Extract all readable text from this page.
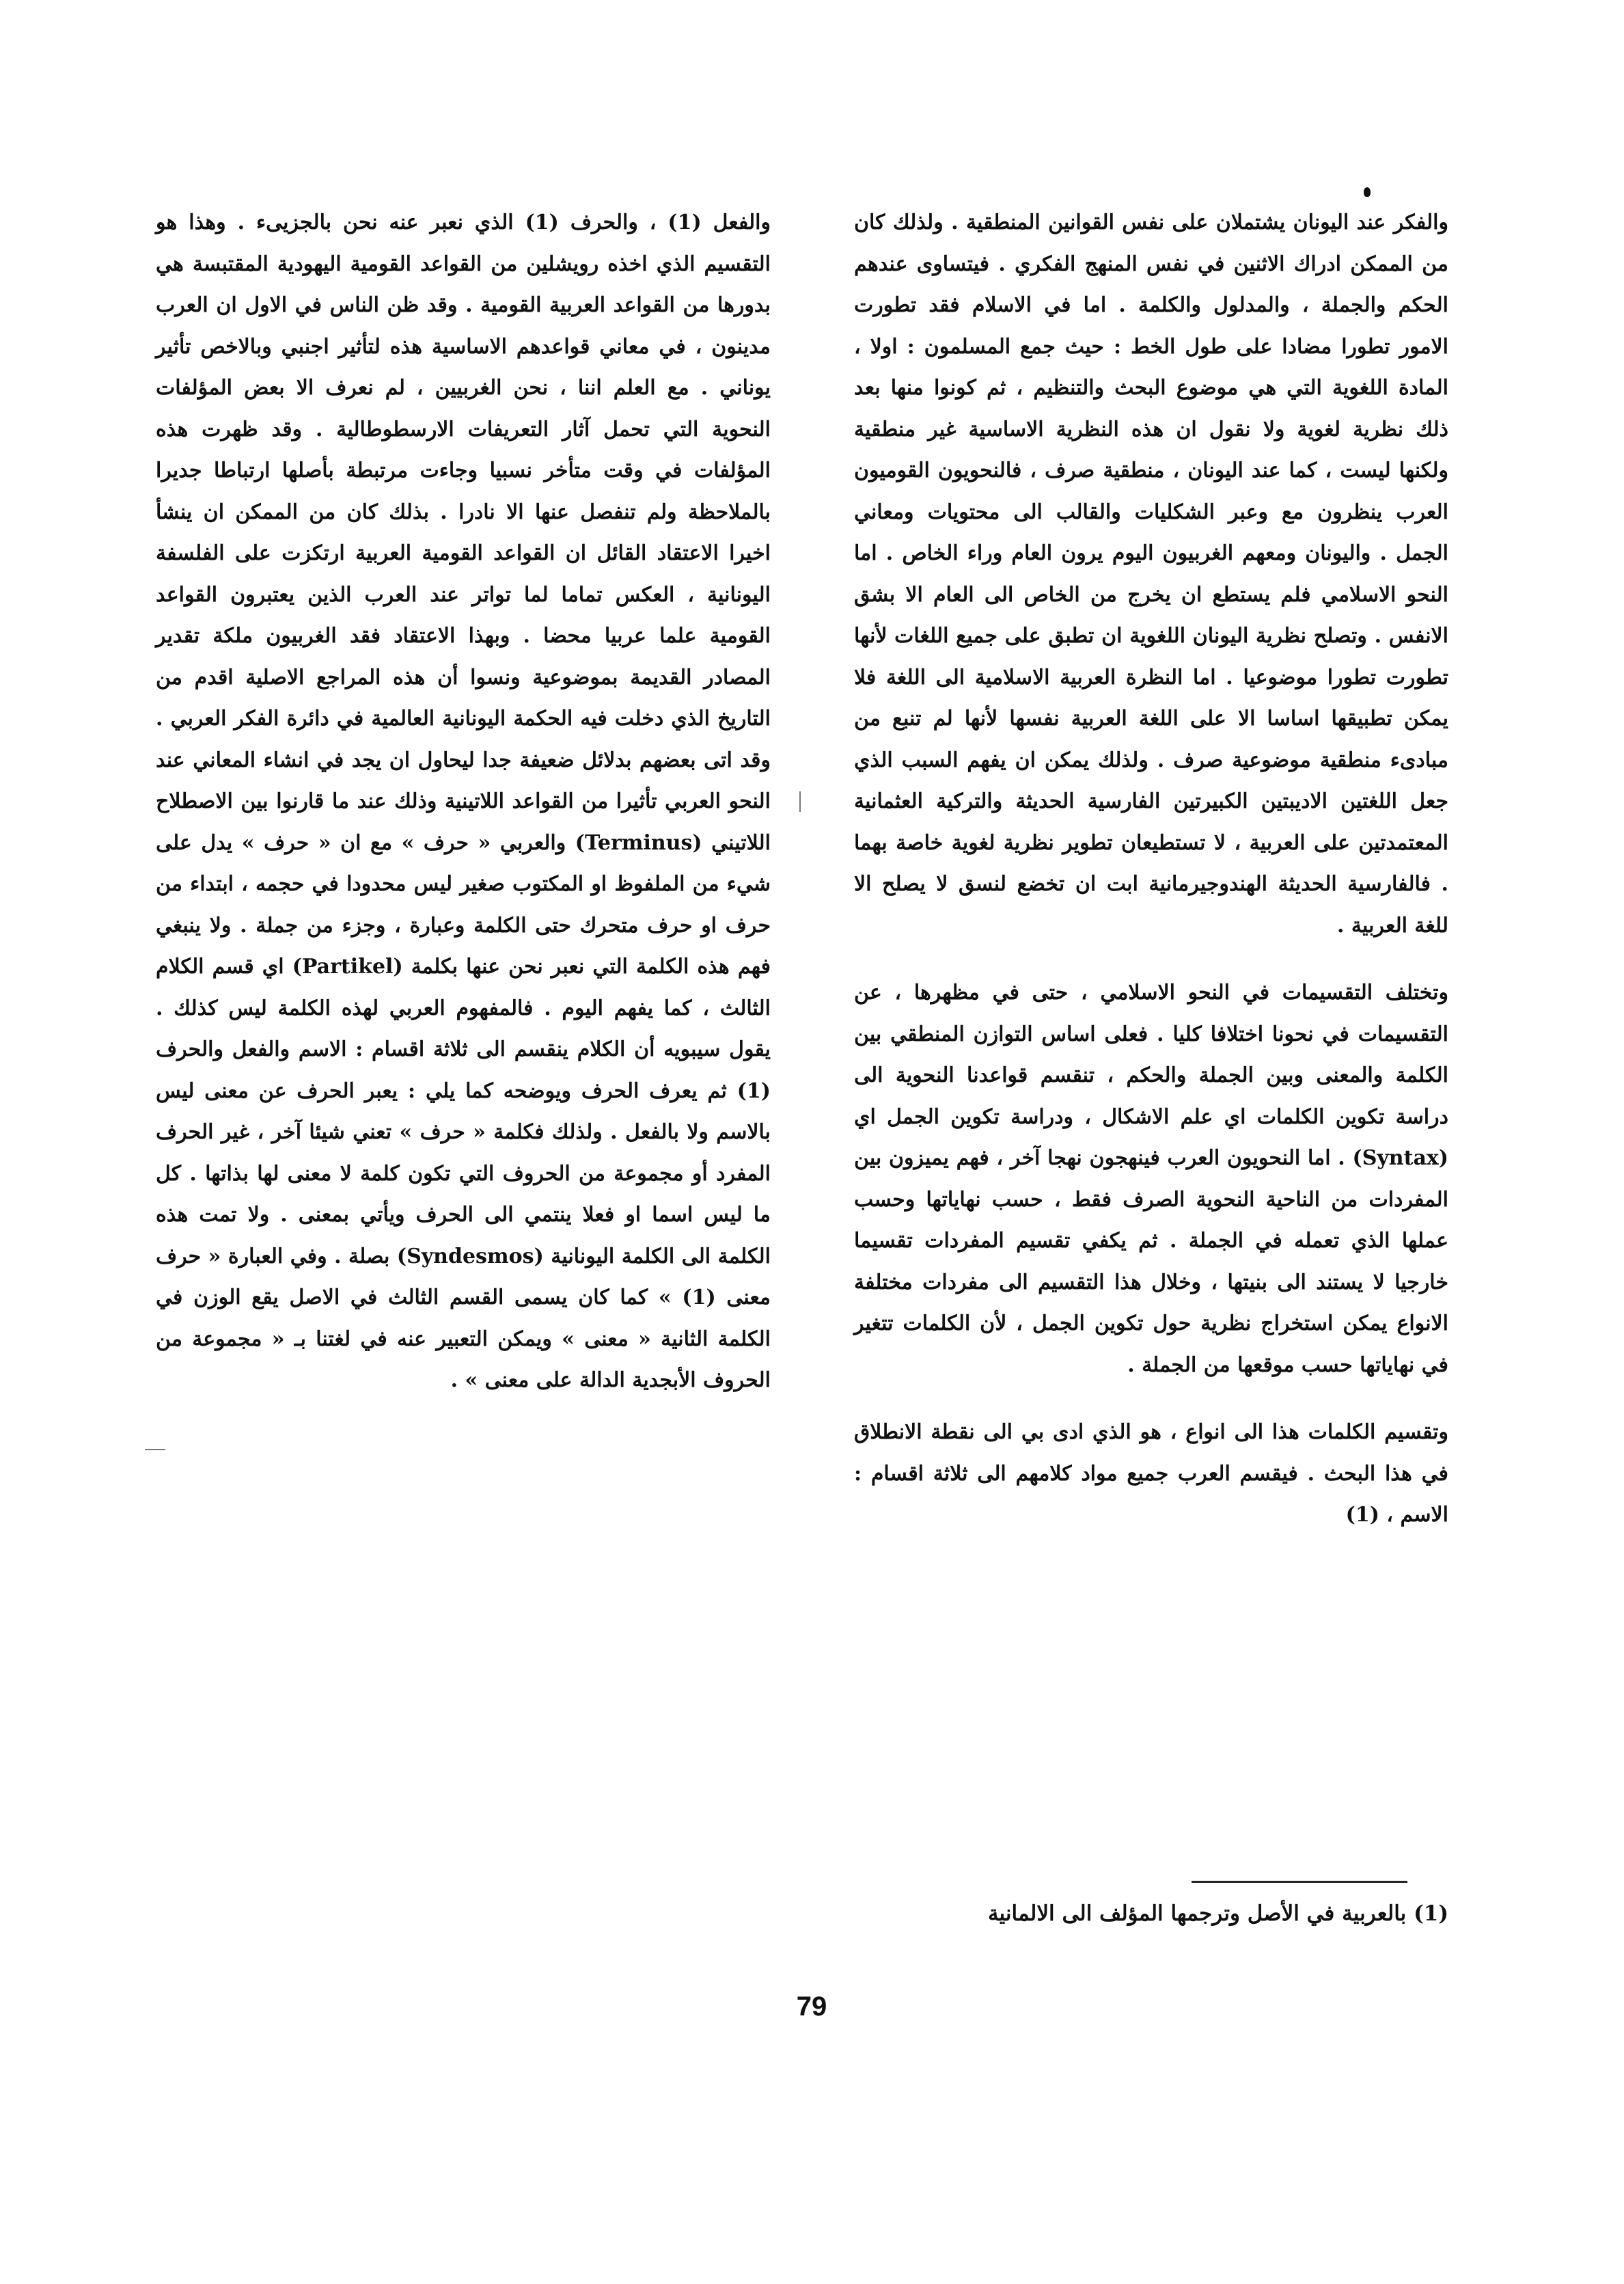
والفكر عند اليونان يشتملان على نفس القوانين المنطقية . ولذلك كان من الممكن ادراك الاثنين في نفس المنهج الفكري . فيتساوى عندهم الحكم والجملة ، والمدلول والكلمة . اما في الاسلام فقد تطورت الامور تطورا مضادا على طول الخط : حيث جمع المسلمون : اولا ، المادة اللغوية التي هي موضوع البحث والتنظيم ، ثم كونوا منها بعد ذلك نظرية لغوية ولا نقول ان هذه النظرية الاساسية غير منطقية ولكنها ليست ، كما عند اليونان ، منطقية صرف ، فالنحويون القوميون العرب ينظرون مع وعبر الشكليات والقالب الى محتويات ومعاني الجمل . واليونان ومعهم الغربيون اليوم يرون العام وراء الخاص . اما النحو الاسلامي فلم يستطع ان يخرج من الخاص الى العام الا بشق الانفس . وتصلح نظرية اليونان اللغوية ان تطبق على جميع اللغات لأنها تطورت تطورا موضوعيا . اما النظرة العربية الاسلامية الى اللغة فلا يمكن تطبيقها اساسا الا على اللغة العربية نفسها لأنها لم تنبع من مبادىء منطقية موضوعية صرف . ولذلك يمكن ان يفهم السبب الذي جعل اللغتين الاديبتين الكبيرتين الفارسية الحديثة والتركية العثمانية المعتمدتين على العربية ، لا تستطيعان تطوير نظرية لغوية خاصة بهما . فالفارسية الحديثة الهندوجيرمانية ابت ان تخضع لنسق لا يصلح الا للغة العربية .

وتختلف التقسيمات في النحو الاسلامي ، حتى في مظهرها ، عن التقسيمات في نحونا اختلافا كليا . فعلى اساس التوازن المنطقي بين الكلمة والمعنى وبين الجملة والحكم ، تنقسم قواعدنا النحوية الى دراسة تكوين الكلمات اي علم الاشكال ، ودراسة تكوين الجمل اي (Syntax) . اما النحويون العرب فينهجون نهجا آخر ، فهم يميزون بين المفردات من الناحية النحوية الصرف فقط ، حسب نهاياتها وحسب عملها الذي تعمله في الجملة . ثم يكفي تقسيم المفردات تقسيما خارجيا لا يستند الى بنيتها ، وخلال هذا التقسيم الى مفردات مختلفة الانواع يمكن استخراج نظرية حول تكوين الجمل ، لأن الكلمات تتغير في نهاياتها حسب موقعها من الجملة .

وتقسيم الكلمات هذا الى انواع ، هو الذي ادى بي الى نقطة الانطلاق في هذا البحث . فيقسم العرب جميع مواد كلامهم الى ثلاثة اقسام : الاسم ، (1)

والفعل (1) ، والحرف (1) الذي نعبر عنه نحن بالجزيىء . وهذا هو التقسيم الذي اخذه رويشلين من القواعد القومية اليهودية المقتبسة هي بدورها من القواعد العربية القومية . وقد ظن الناس في الاول ان العرب مدينون ، في معاني قواعدهم الاساسية هذه لتأثير اجنبي وبالاخص تأثير يوناني . مع العلم اننا ، نحن الغربيين ، لم نعرف الا بعض المؤلفات النحوية التي تحمل آثار التعريفات الارسطوطالية . وقد ظهرت هذه المؤلفات في وقت متأخر نسبيا وجاءت مرتبطة بأصلها ارتباطا جديرا بالملاحظة ولم تنفصل عنها الا نادرا . بذلك كان من الممكن ان ينشأ اخيرا الاعتقاد القائل ان القواعد القومية العربية ارتكزت على الفلسفة اليونانية ، العكس تماما لما تواتر عند العرب الذين يعتبرون القواعد القومية علما عربيا محضا . وبهذا الاعتقاد فقد الغربيون ملكة تقدير المصادر القديمة بموضوعية ونسوا أن هذه المراجع الاصلية اقدم من التاريخ الذي دخلت فيه الحكمة اليونانية العالمية في دائرة الفكر العربي . وقد اتى بعضهم بدلائل ضعيفة جدا ليحاول ان يجد في انشاء المعاني عند النحو العربي تأثيرا من القواعد اللاتينية وذلك عند ما قارنوا بين الاصطلاح اللاتيني (Terminus) والعربي « حرف » مع ان « حرف » يدل على شيء من الملفوظ او المكتوب صغير ليس محدودا في حجمه ، ابتداء من حرف او حرف متحرك حتى الكلمة وعبارة ، وجزء من جملة . ولا ينبغي فهم هذه الكلمة التي نعبر نحن عنها بكلمة (Partikel) اي قسم الكلام الثالث ، كما يفهم اليوم . فالمفهوم العربي لهذه الكلمة ليس كذلك . يقول سيبويه أن الكلام ينقسم الى ثلاثة اقسام : الاسم والفعل والحرف (1) ثم يعرف الحرف ويوضحه كما يلي : يعبر الحرف عن معنى ليس بالاسم ولا بالفعل . ولذلك فكلمة « حرف » تعني شيئا آخر ، غير الحرف المفرد أو مجموعة من الحروف التي تكون كلمة لا معنى لها بذاتها . كل ما ليس اسما او فعلا ينتمي الى الحرف ويأتي بمعنى . ولا تمت هذه الكلمة الى الكلمة اليونانية (Syndesmos) بصلة . وفي العبارة « حرف معنى (1) » كما كان يسمى القسم الثالث في الاصل يقع الوزن في الكلمة الثانية « معنى » ويمكن التعبير عنه في لغتنا بـ « مجموعة من الحروف الأبجدية الدالة على معنى » .

(1) بالعربية في الأصل وترجمها المؤلف الى الالمانية
79
